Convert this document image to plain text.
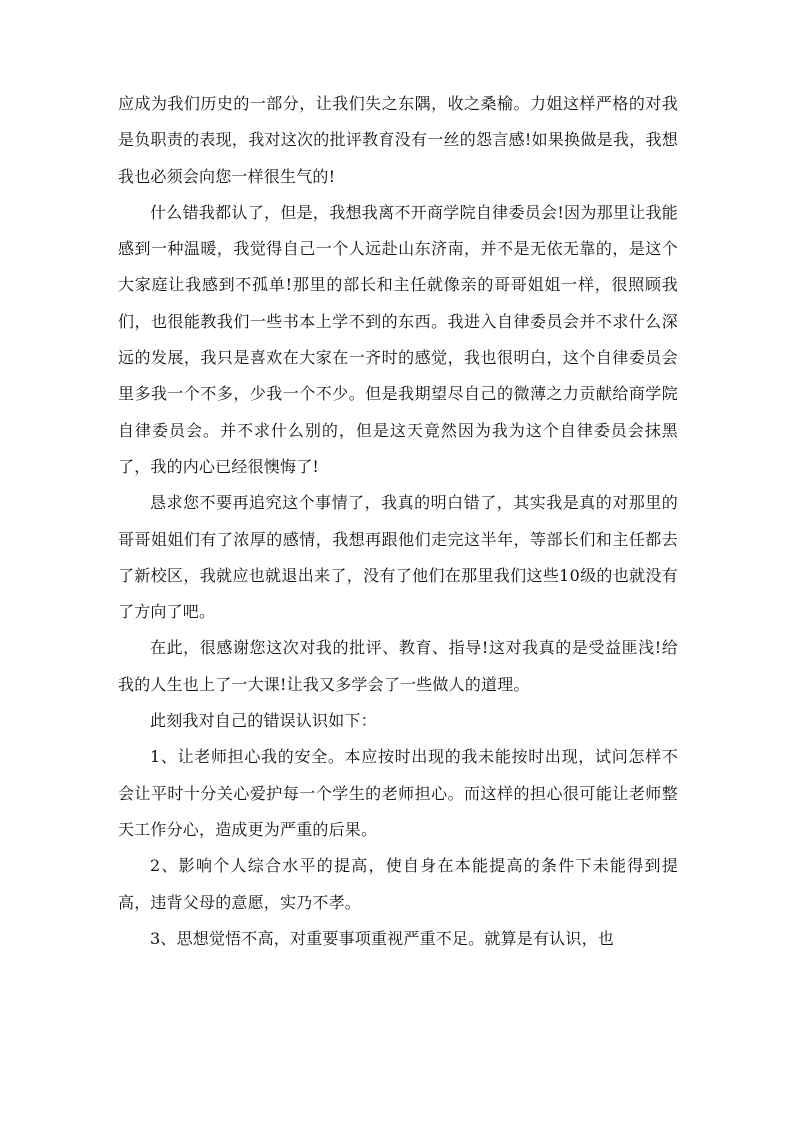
应成为我们历史的一部分，让我们失之东隅，收之桑榆。力姐这样严格的对我是负职责的表现，我对这次的批评教育没有一丝的怨言感!如果换做是我，我想我也必须会向您一样很生气的!

什么错我都认了，但是，我想我离不开商学院自律委员会!因为那里让我能感到一种温暖，我觉得自己一个人远赴山东济南，并不是无依无靠的，是这个大家庭让我感到不孤单!那里的部长和主任就像亲的哥哥姐姐一样，很照顾我们，也很能教我们一些书本上学不到的东西。我进入自律委员会并不求什么深远的发展，我只是喜欢在大家在一齐时的感觉，我也很明白，这个自律委员会里多我一个不多，少我一个不少。但是我期望尽自己的微薄之力贡献给商学院自律委员会。并不求什么别的，但是这天竟然因为我为这个自律委员会抹黑了，我的内心已经很懊悔了!

恳求您不要再追究这个事情了，我真的明白错了，其实我是真的对那里的哥哥姐姐们有了浓厚的感情，我想再跟他们走完这半年，等部长们和主任都去了新校区，我就应也就退出来了，没有了他们在那里我们这些10级的也就没有了方向了吧。

在此，很感谢您这次对我的批评、教育、指导!这对我真的是受益匪浅!给我的人生也上了一大课!让我又多学会了一些做人的道理。

此刻我对自己的错误认识如下：

1、让老师担心我的安全。本应按时出现的我未能按时出现，试问怎样不会让平时十分关心爱护每一个学生的老师担心。而这样的担心很可能让老师整天工作分心，造成更为严重的后果。

2、影响个人综合水平的提高，使自身在本能提高的条件下未能得到提高，违背父母的意愿，实乃不孝。

3、思想觉悟不高，对重要事项重视严重不足。就算是有认识，也
